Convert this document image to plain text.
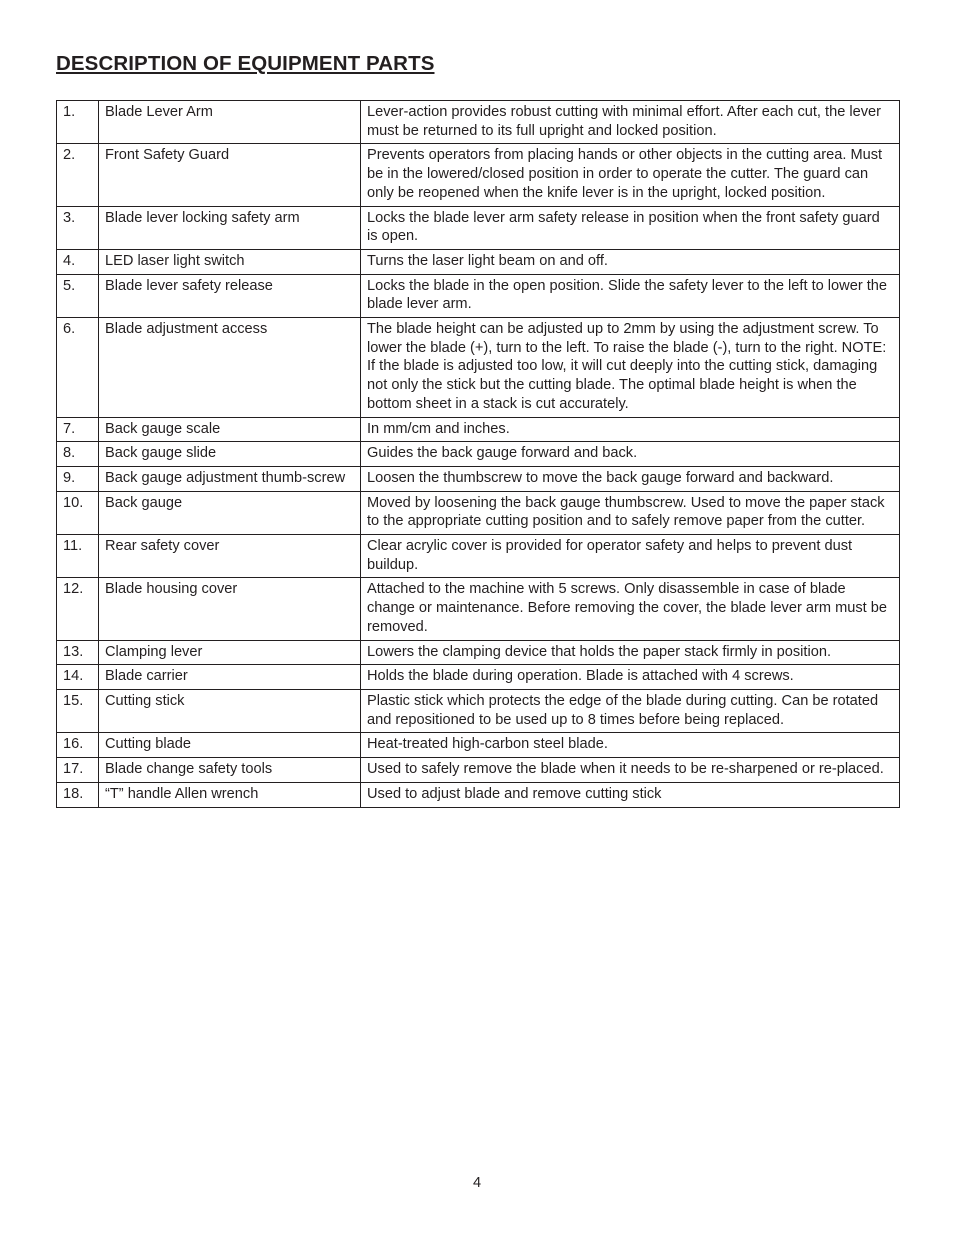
DESCRIPTION OF EQUIPMENT PARTS
1.	Blade Lever Arm	Lever-action provides robust cutting with minimal effort. After each cut, the lever must be returned to its full upright and locked position.
2.	Front Safety Guard	Prevents operators from placing hands or other objects in the cutting area. Must be in the lowered/closed position in order to operate the cutter. The guard can only be reopened when the knife lever is in the upright, locked position.
3.	Blade lever locking safety arm	Locks the blade lever arm safety release in position when the front safety guard is open.
4.	LED laser light switch	Turns the laser light beam on and off.
5.	Blade lever safety release	Locks the blade in the open position. Slide the safety lever to the left to lower the blade lever arm.
6.	Blade adjustment access	The blade height can be adjusted up to 2mm by using the adjustment screw. To lower the blade (+), turn to the left. To raise the blade (-), turn to the right. NOTE: If the blade is adjusted too low, it will cut deeply into the cutting stick, damaging not only the stick but the cutting blade. The optimal blade height is when the bottom sheet in a stack is cut accurately.
7.	Back gauge scale	In mm/cm and inches.
8.	Back gauge slide	Guides the back gauge forward and back.
9.	Back gauge adjustment thumb-screw	Loosen the thumbscrew to move the back gauge forward and backward.
10.	Back gauge	Moved by loosening the back gauge thumbscrew. Used to move the paper stack to the appropriate cutting position and to safely remove paper from the cutter.
11.	Rear safety cover	Clear acrylic cover is provided for operator safety and helps to prevent dust buildup.
12.	Blade housing cover	Attached to the machine with 5 screws. Only disassemble in case of blade change or maintenance. Before removing the cover, the blade lever arm must be removed.
13.	Clamping lever	Lowers the clamping device that holds the paper stack firmly in position.
14.	Blade carrier	Holds the blade during operation. Blade is attached with 4 screws.
15.	Cutting stick	Plastic stick which protects the edge of the blade during cutting. Can be rotated and repositioned to be used up to 8 times before being replaced.
16.	Cutting blade	Heat-treated high-carbon steel blade.
17.	Blade change safety tools	Used to safely remove the blade when it needs to be re-sharpened or re-placed.
18.	“T” handle Allen wrench	Used to adjust blade and remove cutting stick
4
